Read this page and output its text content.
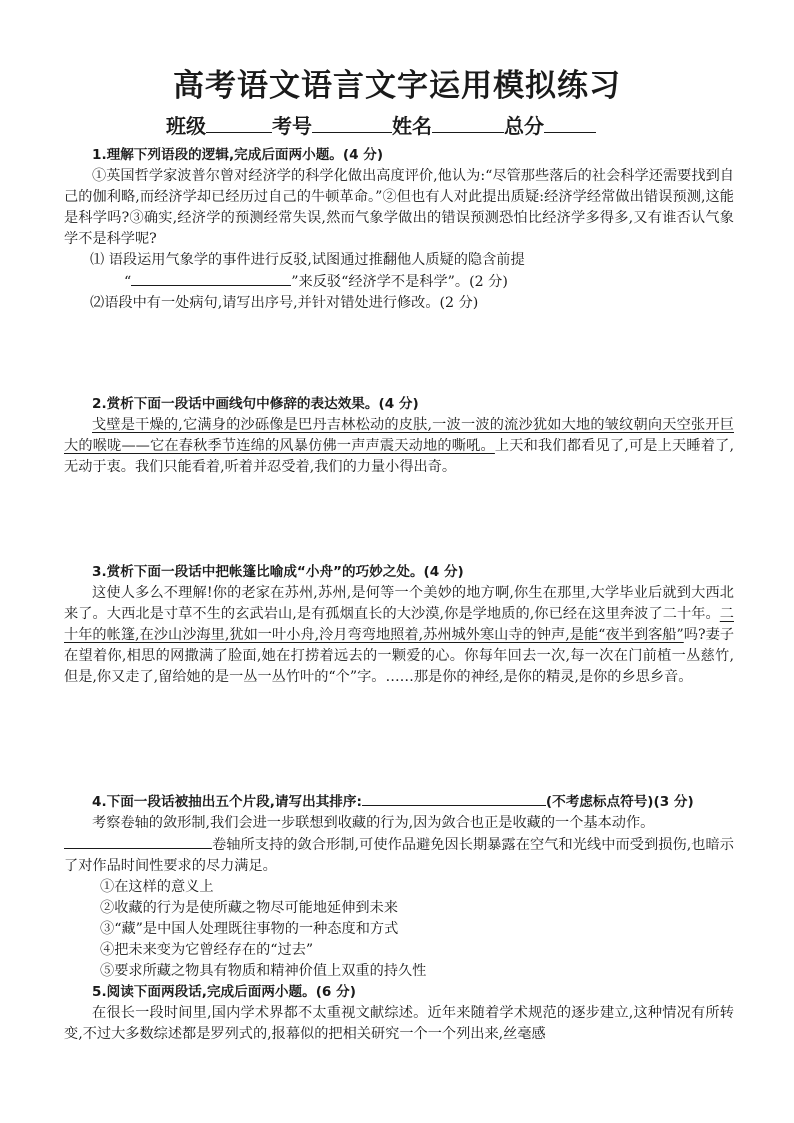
高考语文语言文字运用模拟练习
班级	考号	姓名	总分
1.理解下列语段的逻辑,完成后面两小题。(4 分)

①英国哲学家波普尔曾对经济学的科学化做出高度评价,他认为:“尽管那些落后的社会科学还需要找到自己的伽利略,而经济学却已经历过自己的牛顿革命。”②但也有人对此提出质疑:经济学经常做出错误预测,这能是科学吗?③确实,经济学的预测经常失误,然而气象学做出的错误预测恐怕比经济学多得多,又有谁否认气象学不是科学呢?

⑴ 语段运用气象学的事件进行反驳,试图通过推翻他人质疑的隐含前提

“	”来反驳“经济学不是科学”。(2 分)

⑵语段中有一处病句,请写出序号,并针对错处进行修改。(2 分)

2.赏析下面一段话中画线句中修辞的表达效果。(4 分)

戈壁是干燥的,它满身的沙砾像是巴丹吉林松动的皮肤,一波一波的流沙犹如大地的皱纹朝向天空张开巨大的喉咙——它在春秋季节连绵的风暴仿佛一声声震天动地的嘶吼。上天和我们都看见了,可是上天睡着了,无动于衷。我们只能看着,听着并忍受着,我们的力量小得出奇。

3.赏析下面一段话中把帐篷比喻成“小舟”的巧妙之处。(4 分)

这使人多么不理解!你的老家在苏州,苏州,是何等一个美妙的地方啊,你生在那里,大学毕业后就到大西北来了。大西北是寸草不生的玄武岩山,是有孤烟直长的大沙漠,你是学地质的,你已经在这里奔波了二十年。二十年的帐篷,在沙山沙海里,犹如一叶小舟,泠月弯弯地照着,苏州城外寒山寺的钟声,是能“夜半到客船”吗?妻子在望着你,相思的网撒满了脸面,她在打捞着远去的一颗爱的心。你每年回去一次,每一次在门前植一丛慈竹,但是,你又走了,留给她的是一丛一丛竹叶的“个”字。……那是你的神经,是你的精灵,是你的乡思乡音。

4.下面一段话被抽出五个片段,请写出其排序:	(不考虑标点符号)(3 分)

考察卷轴的敛形制,我们会进一步联想到收藏的行为,因为敛合也正是收藏的一个基本动作。

卷轴所支持的敛合形制,可使作品避免因长期暴露在空气和光线中而受到损伤,也暗示了对作品时间性要求的尽力满足。

①在这样的意义上

②收藏的行为是使所藏之物尽可能地延伸到未来

③“藏”是中国人处理既往事物的一种态度和方式

④把未来变为它曾经存在的“过去”

⑤要求所藏之物具有物质和精神价值上双重的持久性

5.阅读下面两段话,完成后面两小题。(6 分)

在很长一段时间里,国内学术界都不太重视文献综述。近年来随着学术规范的逐步建立,这种情况有所转变,不过大多数综述都是罗列式的,报幕似的把相关研究一个一个列出来,丝毫感
